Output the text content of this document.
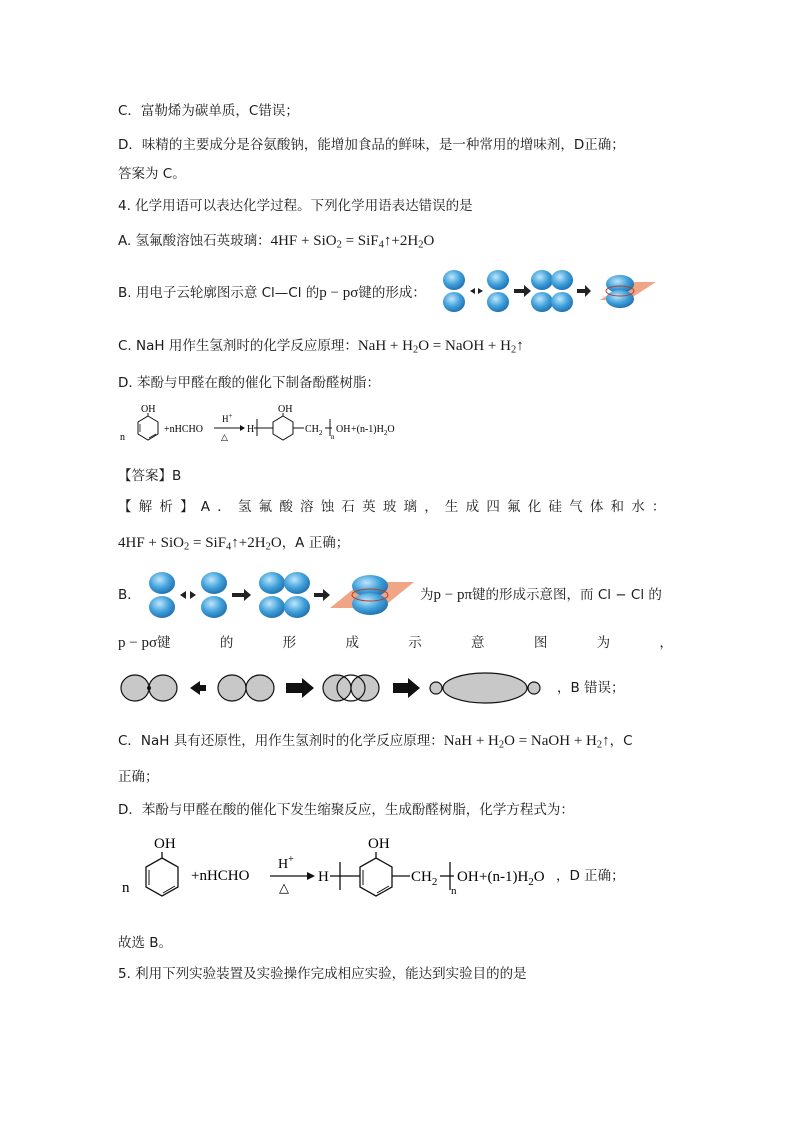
C．富勒烯为碳单质，C错误；
D．味精的主要成分是谷氨酸钠，能增加食品的鲜味，是一种常用的增味剂，D正确；
答案为 C。
4. 化学用语可以表达化学过程。下列化学用语表达错误的是
A. 氢氟酸溶蚀石英玻璃：$4HF + SiO_2 = SiF_4↑+2H_2O$
B. 用电子云轮廓图示意 Cl—Cl 的p − pσ键的形成：
C. NaH 用作生氢剂时的化学反应原理：NaH + $H_2O$ = NaOH + $H_2↑$
D. 苯酚与甲醛在酸的催化下制备酚醛树脂：
n
OH
+nHCHO
H+
△
H
OH
$CH_2$ n
OH $+(n-1)H_2O$
【答案】B
【解析】A．氢氟酸溶蚀石英玻璃，生成四氟化硅气体和水：
$4HF + SiO_2 = SiF_4↑+2H_2O$，A 正确；
B．	为p − pπ键的形成示意图，而 Cl − Cl 的
p − pσ键	的	形	成	示	意	图	为	，
，B 错误；
C．NaH 具有还原性，用作生氢剂时的化学反应原理：NaH + $H_2O$ = NaOH + $H_2↑$，C
正确；
D．苯酚与甲醛在酸的催化下发生缩聚反应，生成酚醛树脂，化学方程式为：
n
OH
+nHCHO
H+
△
H
OH
$CH_2$
n
OH $+(n-1)H_2O$ ，D 正确；
故选 B。
5. 利用下列实验装置及实验操作完成相应实验，能达到实验目的的是
